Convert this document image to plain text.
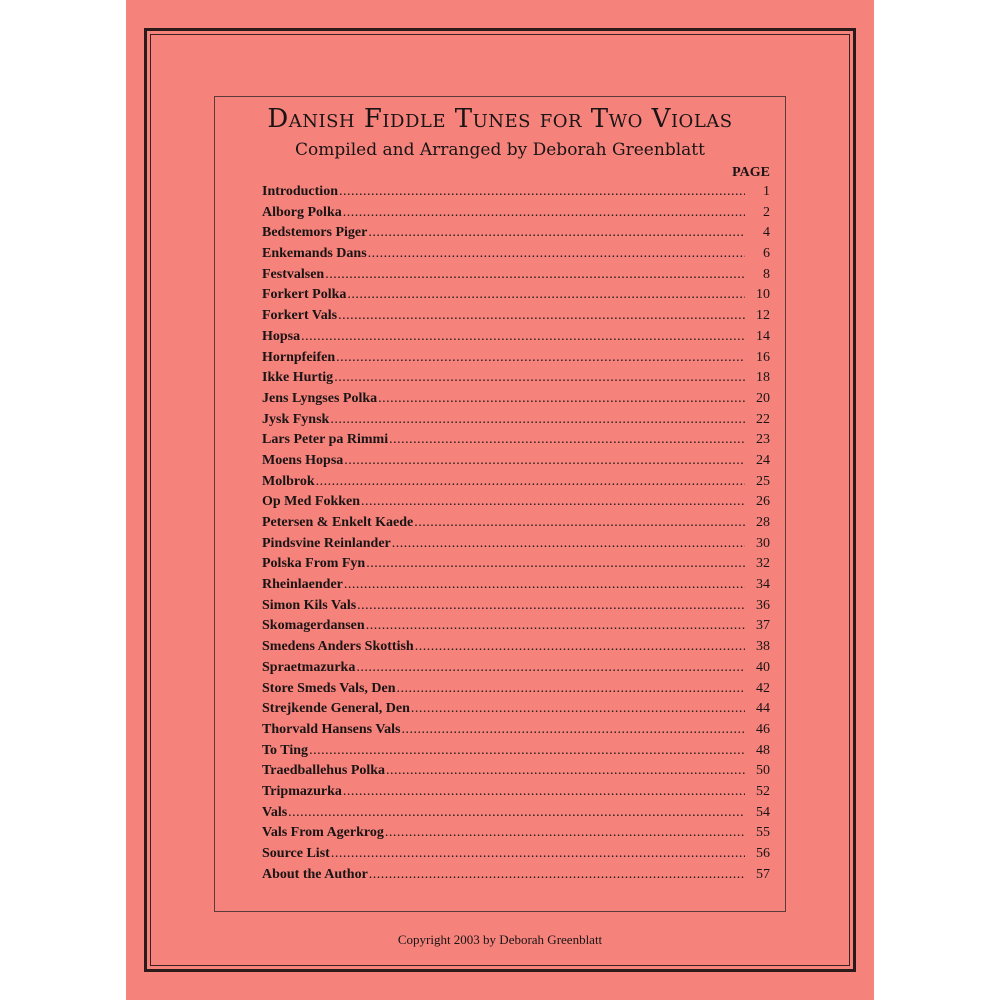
Danish Fiddle Tunes for Two Violas
Compiled and Arranged by Deborah Greenblatt
PAGE
Introduction .....	1
Alborg Polka .....	2
Bedstemors Piger .....	4
Enkemands Dans .....	6
Festvalsen .....	8
Forkert Polka .....	10
Forkert Vals .....	12
Hopsa .....	14
Hornpfeifen .....	16
Ikke Hurtig .....	18
Jens Lyngses Polka .....	20
Jysk Fynsk .....	22
Lars Peter pa Rimmi .....	23
Moens Hopsa .....	24
Molbrok .....	25
Op Med Fokken .....	26
Petersen & Enkelt Kaede .....	28
Pindsvine Reinlander .....	30
Polska From Fyn .....	32
Rheinlaender .....	34
Simon Kils Vals .....	36
Skomagerdansen .....	37
Smedens Anders Skottish .....	38
Spraetmazurka .....	40
Store Smeds Vals, Den .....	42
Strejkende General, Den .....	44
Thorvald Hansens Vals .....	46
To Ting .....	48
Traedballehus Polka .....	50
Tripmazurka .....	52
Vals .....	54
Vals From Agerkrog .....	55
Source List .....	56
About the Author .....	57
Copyright 2003 by Deborah Greenblatt
